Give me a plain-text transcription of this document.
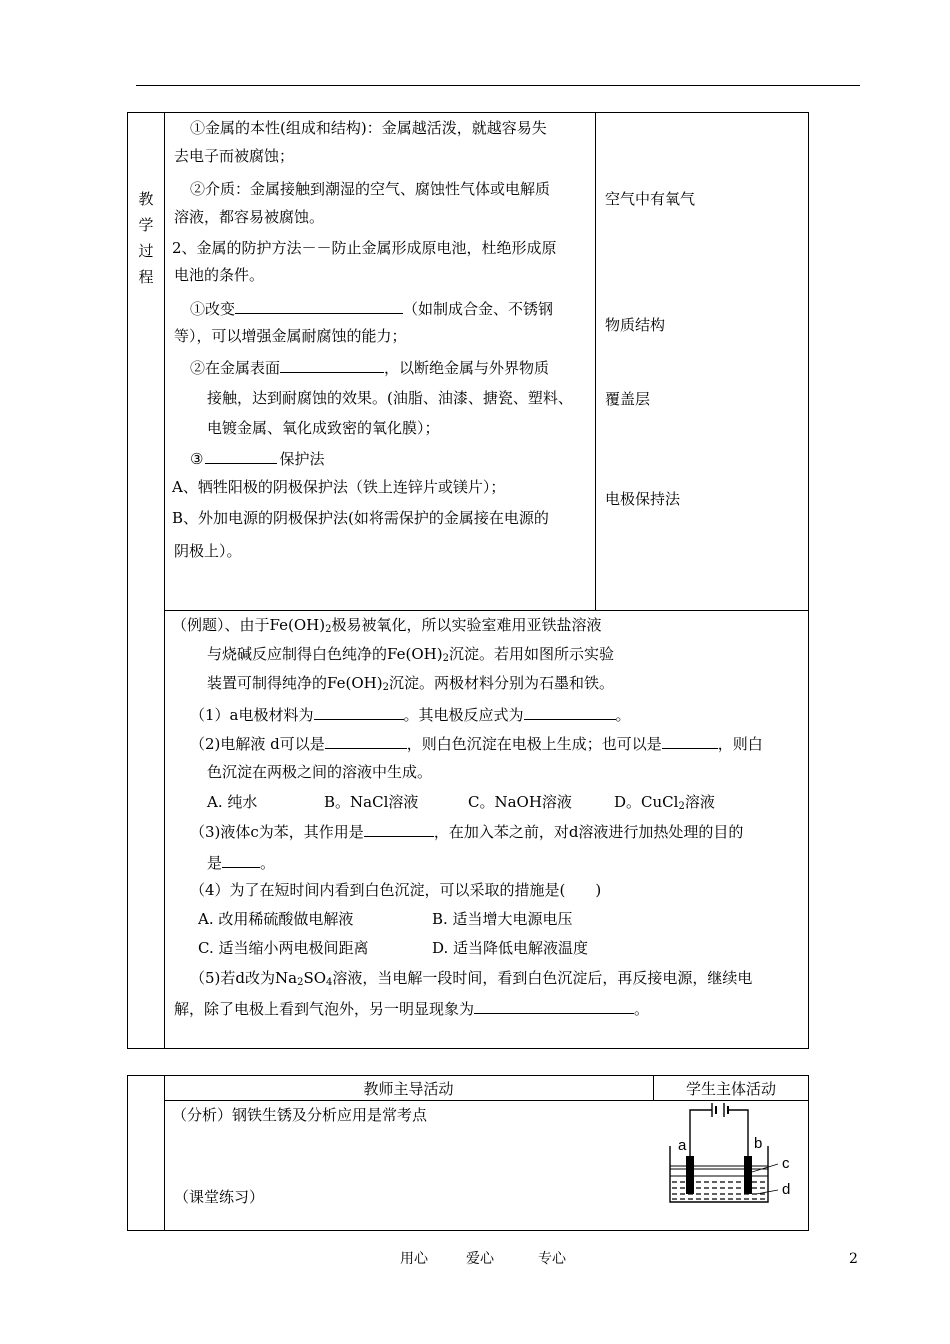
教
学
过
程
①金属的本性(组成和结构)：金属越活泼，就越容易失
去电子而被腐蚀；
②介质：金属接触到潮湿的空气、腐蚀性气体或电解质
溶液，都容易被腐蚀。
2、金属的防护方法－－防止金属形成原电池，杜绝形成原
电池的条件。
①改变	（如制成合金、不锈钢
等），可以增强金属耐腐蚀的能力；
②在金属表面	，以断绝金属与外界物质
接触，达到耐腐蚀的效果。(油脂、油漆、搪瓷、塑料、
电镀金属、氧化成致密的氧化膜）；
③	保护法
A、牺牲阳极的阴极保护法（铁上连锌片或镁片）；
B、外加电源的阴极保护法(如将需保护的金属接在电源的
阴极上）。
空气中有氧气
物质结构
覆盖层
电极保持法
（例题）、由于$Fe(OH)_2$极易被氧化，所以实验室难用亚铁盐溶液
与烧碱反应制得白色纯净的$Fe(OH)_2$沉淀。若用如图所示实验
装置可制得纯净的$Fe(OH)_2$沉淀。两极材料分别为石墨和铁。
（1）a电极材料为	。其电极反应式为	。
（2)电解液 d可以是	，则白色沉淀在电极上生成；也可以是	，则白
色沉淀在两极之间的溶液中生成。
A. 纯水	B。NaCl溶液	C。NaOH溶液	D。CuCl$_2$溶液
（3)液体c为苯，其作用是	，在加入苯之前，对d溶液进行加热处理的目的
是	。
（4）为了在短时间内看到白色沉淀，可以采取的措施是(　　)
A. 改用稀硫酸做电解液	B. 适当增大电源电压
C. 适当缩小两电极间距离	D. 适当降低电解液温度
（5)若d改为$Na_2SO_4$溶液，当电解一段时间，看到白色沉淀后，再反接电源，继续电
解，除了电极上看到气泡外，另一明显现象为	。
教师主导活动	学生主体活动
（分析）钢铁生锈及分析应用是常考点
（课堂练习）
a	b
c
d
用心	爱心	专心	2
